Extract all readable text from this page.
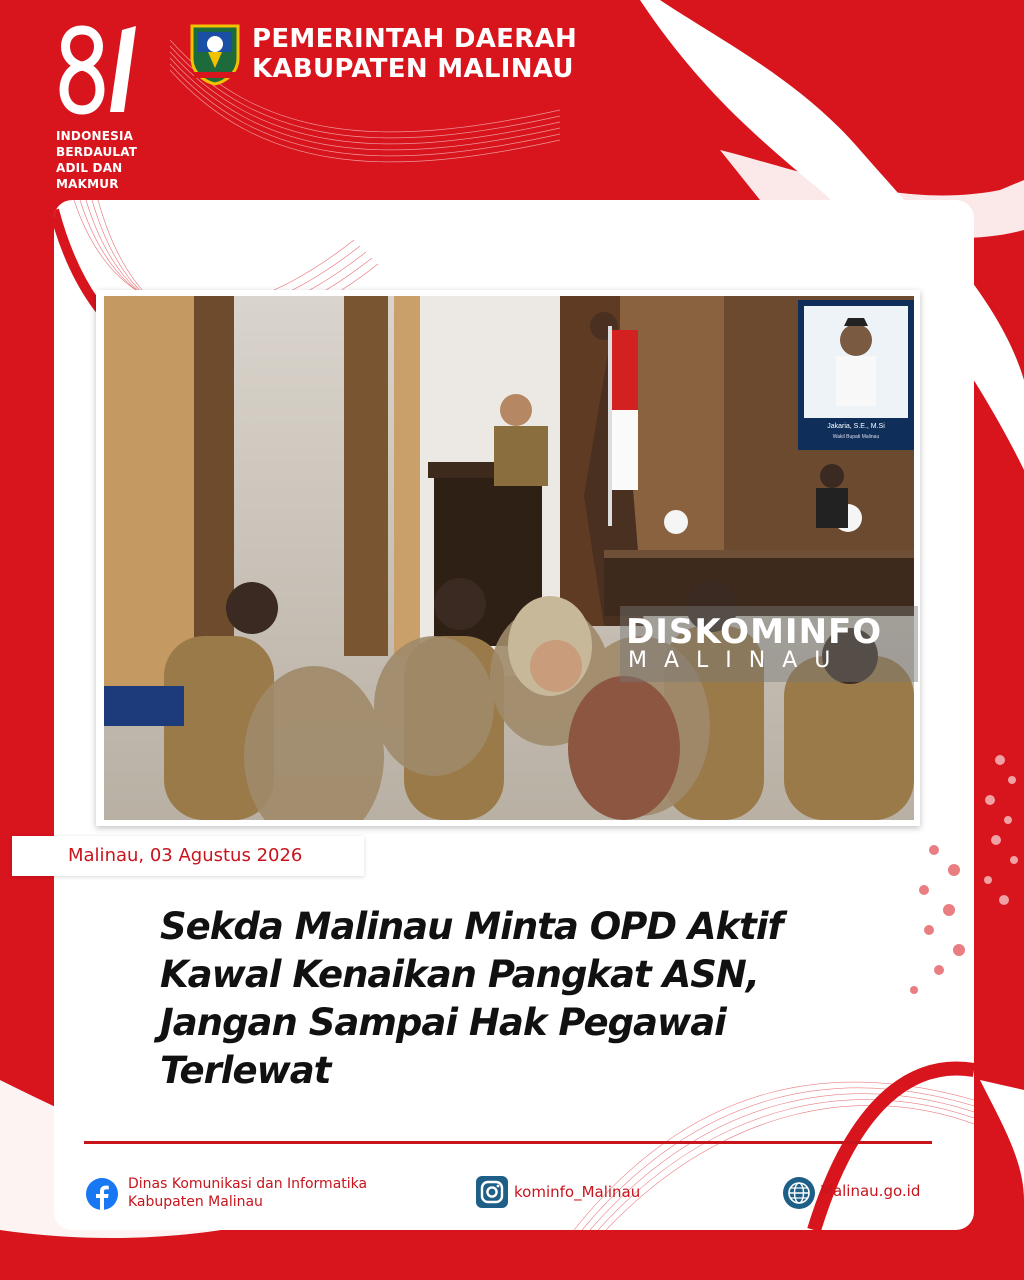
INDONESIA
BERDAULAT
ADIL DAN
MAKMUR
PEMERINTAH DAERAH
KABUPATEN MALINAU
Jakaria, S.E., M.Si
Wakil Bupati Malinau
DISKOMINFO
MALINAU
Malinau, 03 Agustus 2026
Sekda Malinau Minta OPD Aktif
Kawal Kenaikan Pangkat ASN,
Jangan Sampai Hak Pegawai
Terlewat
Dinas Komunikasi dan Informatika
Kabupaten Malinau
kominfo_Malinau	Malinau.go.id
